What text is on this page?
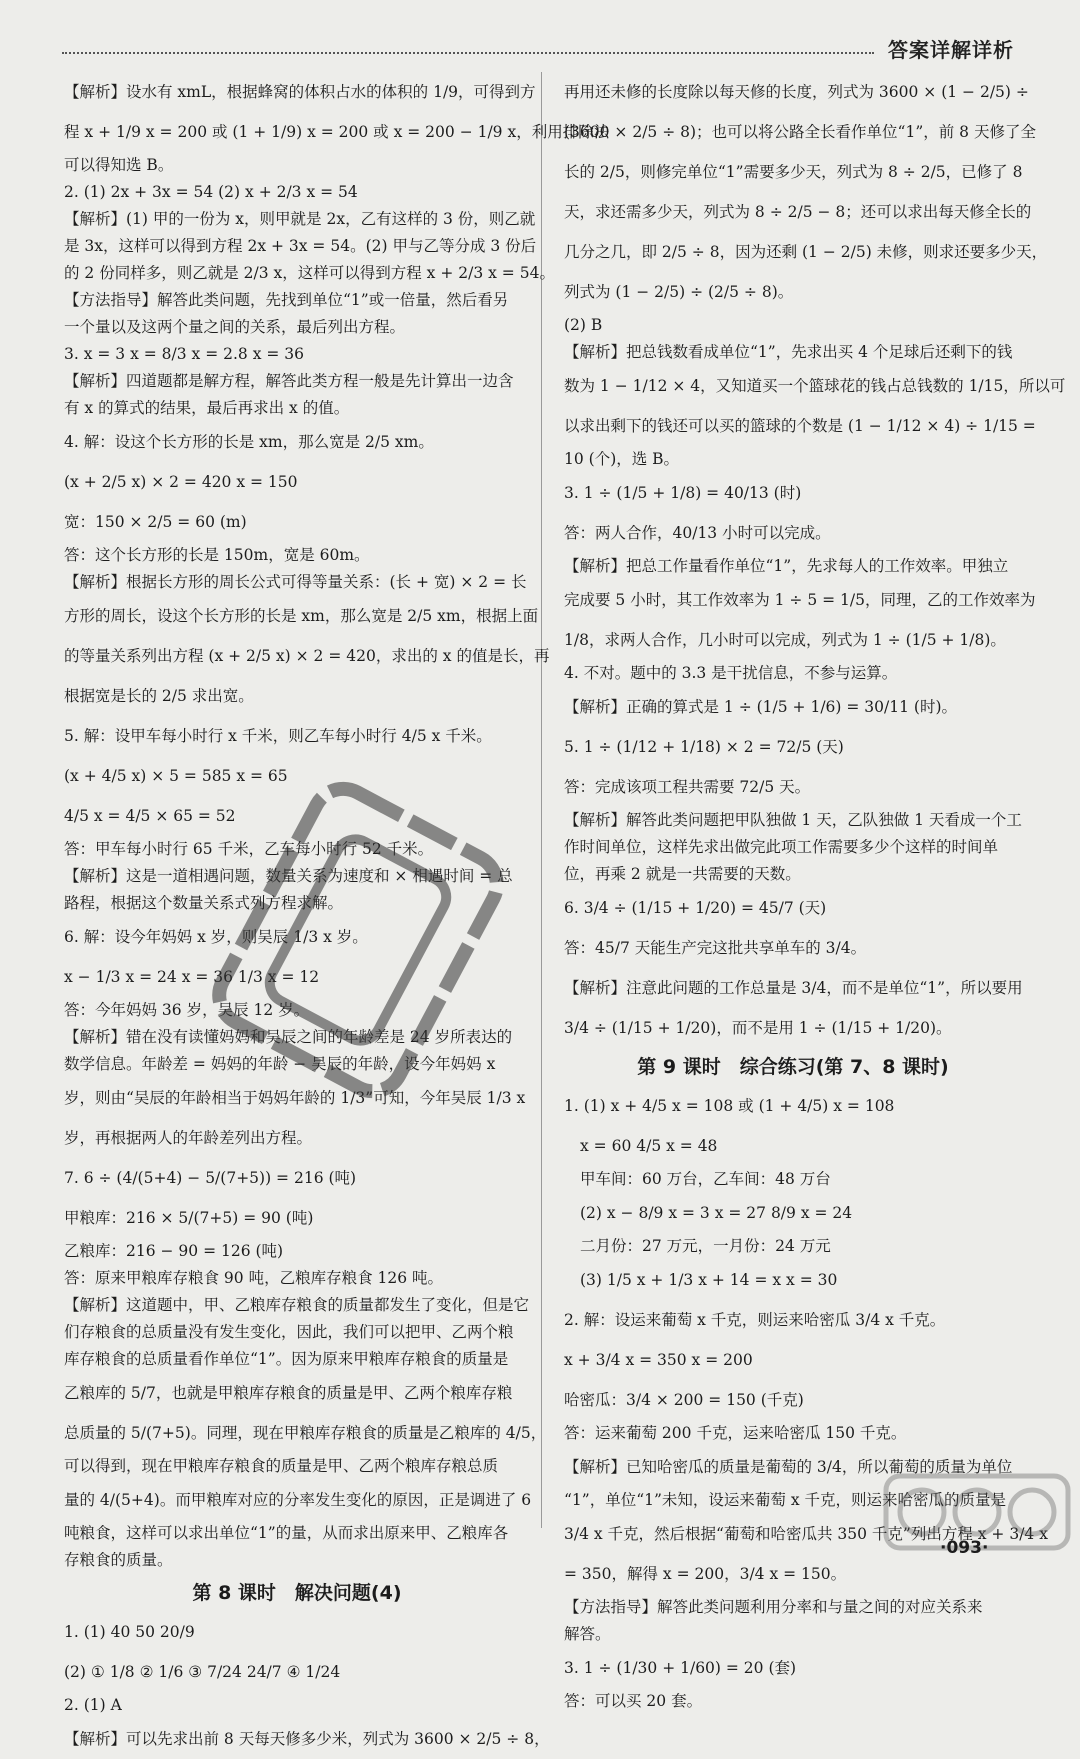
答案详解详析
【解析】设水有 xmL，根据蜂窝的体积占水的体积的 1/9，可得到方
程 x + 1/9 x = 200 或 (1 + 1/9) x = 200 或 x = 200 − 1/9 x，利用排除法
可以得知选 B。
2. (1) 2x + 3x = 54 (2) x + 2/3 x = 54
【解析】(1) 甲的一份为 x，则甲就是 2x，乙有这样的 3 份，则乙就
是 3x，这样可以得到方程 2x + 3x = 54。(2) 甲与乙等分成 3 份后
的 2 份同样多，则乙就是 2/3 x，这样可以得到方程 x + 2/3 x = 54。
【方法指导】解答此类问题，先找到单位“1”或一倍量，然后看另
一个量以及这两个量之间的关系，最后列出方程。
3. x = 3 x = 8/3 x = 2.8 x = 36
【解析】四道题都是解方程，解答此类方程一般是先计算出一边含
有 x 的算式的结果，最后再求出 x 的值。
4. 解：设这个长方形的长是 xm，那么宽是 2/5 xm。
(x + 2/5 x) × 2 = 420 x = 150
宽：150 × 2/5 = 60 (m)
答：这个长方形的长是 150m，宽是 60m。
【解析】根据长方形的周长公式可得等量关系：(长 + 宽) × 2 = 长
方形的周长，设这个长方形的长是 xm，那么宽是 2/5 xm，根据上面
的等量关系列出方程 (x + 2/5 x) × 2 = 420，求出的 x 的值是长，再
根据宽是长的 2/5 求出宽。
5. 解：设甲车每小时行 x 千米，则乙车每小时行 4/5 x 千米。
(x + 4/5 x) × 5 = 585 x = 65
4/5 x = 4/5 × 65 = 52
答：甲车每小时行 65 千米，乙车每小时行 52 千米。
【解析】这是一道相遇问题，数量关系为速度和 × 相遇时间 = 总
路程，根据这个数量关系式列方程求解。
6. 解：设今年妈妈 x 岁，则吴辰 1/3 x 岁。
x − 1/3 x = 24 x = 36 1/3 x = 12
答：今年妈妈 36 岁，吴辰 12 岁。
【解析】错在没有读懂妈妈和吴辰之间的年龄差是 24 岁所表达的
数学信息。年龄差 = 妈妈的年龄 − 吴辰的年龄，设今年妈妈 x
岁，则由“吴辰的年龄相当于妈妈年龄的 1/3”可知，今年吴辰 1/3 x
岁，再根据两人的年龄差列出方程。
7. 6 ÷ (4/(5+4) − 5/(7+5)) = 216 (吨)
甲粮库：216 × 5/(7+5) = 90 (吨)
乙粮库：216 − 90 = 126 (吨)
答：原来甲粮库存粮食 90 吨，乙粮库存粮食 126 吨。
【解析】这道题中，甲、乙粮库存粮食的质量都发生了变化，但是它
们存粮食的总质量没有发生变化，因此，我们可以把甲、乙两个粮
库存粮食的总质量看作单位“1”。因为原来甲粮库存粮食的质量是
乙粮库的 5/7，也就是甲粮库存粮食的质量是甲、乙两个粮库存粮
总质量的 5/(7+5)。同理，现在甲粮库存粮食的质量是乙粮库的 4/5，
可以得到，现在甲粮库存粮食的质量是甲、乙两个粮库存粮总质
量的 4/(5+4)。而甲粮库对应的分率发生变化的原因，正是调进了 6
吨粮食，这样可以求出单位“1”的量，从而求出原来甲、乙粮库各
存粮食的质量。
第 8 课时　解决问题(4)
1. (1) 40 50 20/9
(2) ① 1/8 ② 1/6 ③ 7/24 24/7 ④ 1/24
2. (1) A
【解析】可以先求出前 8 天每天修多少米，列式为 3600 × 2/5 ÷ 8，
再用还未修的长度除以每天修的长度，列式为 3600 × (1 − 2/5) ÷
(3600 × 2/5 ÷ 8)；也可以将公路全长看作单位“1”，前 8 天修了全
长的 2/5，则修完单位“1”需要多少天，列式为 8 ÷ 2/5，已修了 8
天，求还需多少天，列式为 8 ÷ 2/5 − 8；还可以求出每天修全长的
几分之几，即 2/5 ÷ 8，因为还剩 (1 − 2/5) 未修，则求还要多少天，
列式为 (1 − 2/5) ÷ (2/5 ÷ 8)。
(2) B
【解析】把总钱数看成单位“1”，先求出买 4 个足球后还剩下的钱
数为 1 − 1/12 × 4，又知道买一个篮球花的钱占总钱数的 1/15，所以可
以求出剩下的钱还可以买的篮球的个数是 (1 − 1/12 × 4) ÷ 1/15 =
10 (个)，选 B。
3. 1 ÷ (1/5 + 1/8) = 40/13 (时)
答：两人合作，40/13 小时可以完成。
【解析】把总工作量看作单位“1”，先求每人的工作效率。甲独立
完成要 5 小时，其工作效率为 1 ÷ 5 = 1/5，同理，乙的工作效率为
1/8，求两人合作，几小时可以完成，列式为 1 ÷ (1/5 + 1/8)。
4. 不对。题中的 3.3 是干扰信息，不参与运算。
【解析】正确的算式是 1 ÷ (1/5 + 1/6) = 30/11 (时)。
5. 1 ÷ (1/12 + 1/18) × 2 = 72/5 (天)
答：完成该项工程共需要 72/5 天。
【解析】解答此类问题把甲队独做 1 天，乙队独做 1 天看成一个工
作时间单位，这样先求出做完此项工作需要多少个这样的时间单
位，再乘 2 就是一共需要的天数。
6. 3/4 ÷ (1/15 + 1/20) = 45/7 (天)
答：45/7 天能生产完这批共享单车的 3/4。
【解析】注意此问题的工作总量是 3/4，而不是单位“1”，所以要用
3/4 ÷ (1/15 + 1/20)，而不是用 1 ÷ (1/15 + 1/20)。
第 9 课时　综合练习(第 7、8 课时)
1. (1) x + 4/5 x = 108 或 (1 + 4/5) x = 108
x = 60 4/5 x = 48
甲车间：60 万台，乙车间：48 万台
(2) x − 8/9 x = 3 x = 27 8/9 x = 24
二月份：27 万元，一月份：24 万元
(3) 1/5 x + 1/3 x + 14 = x x = 30
2. 解：设运来葡萄 x 千克，则运来哈密瓜 3/4 x 千克。
x + 3/4 x = 350 x = 200
哈密瓜：3/4 × 200 = 150 (千克)
答：运来葡萄 200 千克，运来哈密瓜 150 千克。
【解析】已知哈密瓜的质量是葡萄的 3/4，所以葡萄的质量为单位
“1”，单位“1”未知，设运来葡萄 x 千克，则运来哈密瓜的质量是
3/4 x 千克，然后根据“葡萄和哈密瓜共 350 千克”列出方程 x + 3/4 x
= 350，解得 x = 200，3/4 x = 150。
【方法指导】解答此类问题利用分率和与量之间的对应关系来
解答。
3. 1 ÷ (1/30 + 1/60) = 20 (套)
答：可以买 20 套。
·093·
